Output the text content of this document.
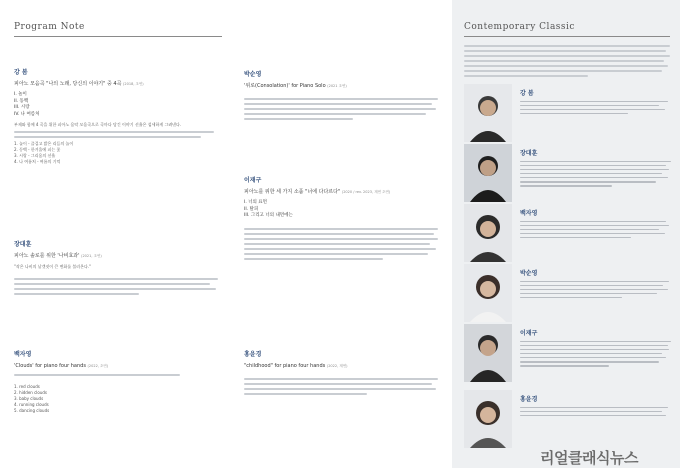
Program Note
강 봄
피아노 모음곡 "나의 노래, 당신의 이야기" 중 4곡 (2018, 초연)
I. 놀이
II. 동백
III. 시랑
IV. 나 여름처
부제와 함께 4 곡을 위한 피아노 음악 모음곡으로 곡마다 담긴 이야기 선율은 섬세하게 그려낸다.
1. 놀이 - 즐겁고 밝은 리듬의 놀이
2. 동백 - 한겨울에 피는 꽃
3. 시랑 - 그리움의 선율
4. 나 여름처 - 여름의 기억
장대훈
피아노 솔로를 위한 '나비효과' (2021, 초연)
"작은 나비의 날갯짓이 큰 변화를 불러온다."
백자영
'Clouds' for piano four hands (2022, 초연)
1. red clouds
2. hidden clouds
3. baby clouds
4. running clouds
5. dancing clouds
박순영
'위로(Consolation)' for Piano Solo (2021 초연)
이재구
피아노를 위한 세 가지 소품 "너에 다다르다" (2020 / rev. 2023, 재연 초연)
I. 너의 표면
II. 탈피
III. 그리고 너의 내면에는
홍윤경
"childhood" for piano four hands (2022, 재연)
Contemporary Classic
강 봄
장대훈
백자영
박순영
이재구
홍윤경
리얼클래식뉴스
